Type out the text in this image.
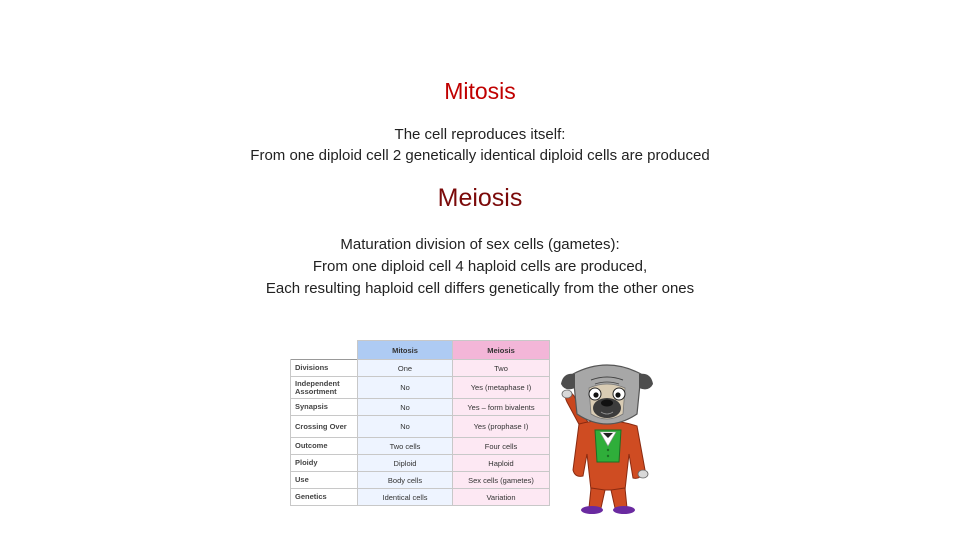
Mitosis
The cell reproduces itself:
From one diploid cell 2 genetically identical diploid cells are produced
Meiosis
Maturation division of sex cells (gametes):
From one diploid cell 4 haploid cells are produced,
Each resulting haploid cell differs genetically from the other ones
	Mitosis	Meiosis
Divisions	One	Two
Independent Assortment	No	Yes (metaphase I)
Synapsis	No	Yes – form bivalents
Crossing Over	No	Yes (prophase I)
Outcome	Two cells	Four cells
Ploidy	Diploid	Haploid
Use	Body cells	Sex cells (gametes)
Genetics	Identical cells	Variation
